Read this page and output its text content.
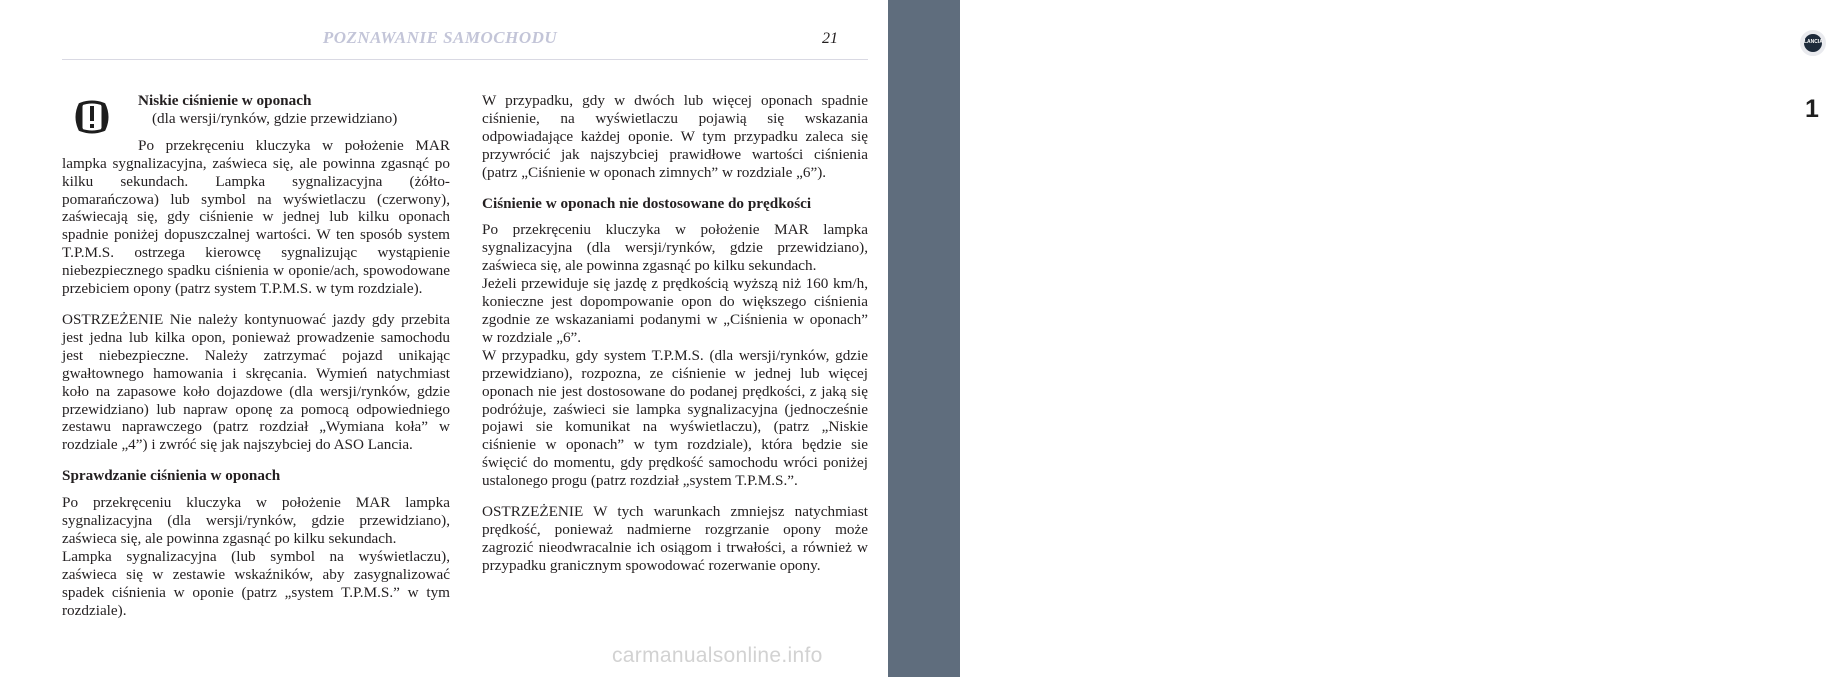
LANCIA
1
POZNAWANIE SAMOCHODU	21

Niskie ciśnienie w oponach

(dla wersji/rynków, gdzie przewidziano)

Po przekręceniu kluczyka w położenie MAR lampka sygnalizacyjna, zaświeca się, ale powinna zgasnąć po kilku sekundach. Lampka sygnalizacyjna (żółto-pomarańczowa) lub symbol na wyświetlaczu (czerwony), zaświecają się, gdy ciśnienie w jednej lub kilku oponach spadnie poniżej dopuszczalnej wartości. W ten sposób system T.P.M.S. ostrzega kierowcę sygnalizując wystąpienie niebezpiecznego spadku ciśnienia w oponie/ach, spowodowane przebiciem opony (patrz system T.P.M.S. w tym rozdziale).

OSTRZEŻENIE Nie należy kontynuować jazdy gdy przebita jest jedna lub kilka opon, ponieważ prowadzenie samochodu jest niebezpieczne. Należy zatrzymać pojazd unikając gwałtownego hamowania i skręcania. Wymień natychmiast koło na zapasowe koło dojazdowe (dla wersji/rynków, gdzie przewidziano) lub napraw oponę za pomocą odpowiedniego zestawu naprawczego (patrz rozdział „Wymiana koła” w rozdziale „4”) i zwróć się jak najszybciej do ASO Lancia.

Sprawdzanie ciśnienia w oponach

Po przekręceniu kluczyka w położenie MAR lampka sygnalizacyjna (dla wersji/rynków, gdzie przewidziano), zaświeca się, ale powinna zgasnąć po kilku sekundach.

Lampka sygnalizacyjna (lub symbol na wyświetlaczu), zaświeca się w zestawie wskaźników, aby zasygnalizować spadek ciśnienia w oponie (patrz „system T.P.M.S.” w tym rozdziale).

W przypadku, gdy w dwóch lub więcej oponach spadnie ciśnienie, na wyświetlaczu pojawią się wskazania odpowiadające każdej oponie. W tym przypadku zaleca się przywrócić jak najszybciej prawidłowe wartości ciśnienia (patrz „Ciśnienie w oponach zimnych” w rozdziale „6”).

Ciśnienie w oponach nie dostosowane do prędkości

Po przekręceniu kluczyka w położenie MAR lampka sygnalizacyjna (dla wersji/rynków, gdzie przewidziano), zaświeca się, ale powinna zgasnąć po kilku sekundach.

Jeżeli przewiduje się jazdę z prędkością wyższą niż 160 km/h, konieczne jest dopompowanie opon do większego ciśnienia zgodnie ze wskazaniami podanymi w „Ciśnienia w oponach” w rozdziale „6”.

W przypadku, gdy system T.P.M.S. (dla wersji/rynków, gdzie przewidziano), rozpozna, ze ciśnienie w jednej lub więcej oponach nie jest dostosowane do podanej prędkości, z jaką się podróżuje, zaświeci sie lampka sygnalizacyjna (jednocześnie pojawi sie komunikat na wyświetlaczu), (patrz „Niskie ciśnienie w oponach” w tym rozdziale), która będzie sie święcić do momentu, gdy prędkość samochodu wróci poniżej ustalonego progu (patrz rozdział „system T.P.M.S.”.

OSTRZEŻENIE W tych warunkach zmniejsz natychmiast prędkość, ponieważ nadmierne rozgrzanie opony może zagrozić nieodwracalnie ich osiągom i trwałości, a również w przypadku granicznym spowodować rozerwanie opony.

carmanualsonline.info
